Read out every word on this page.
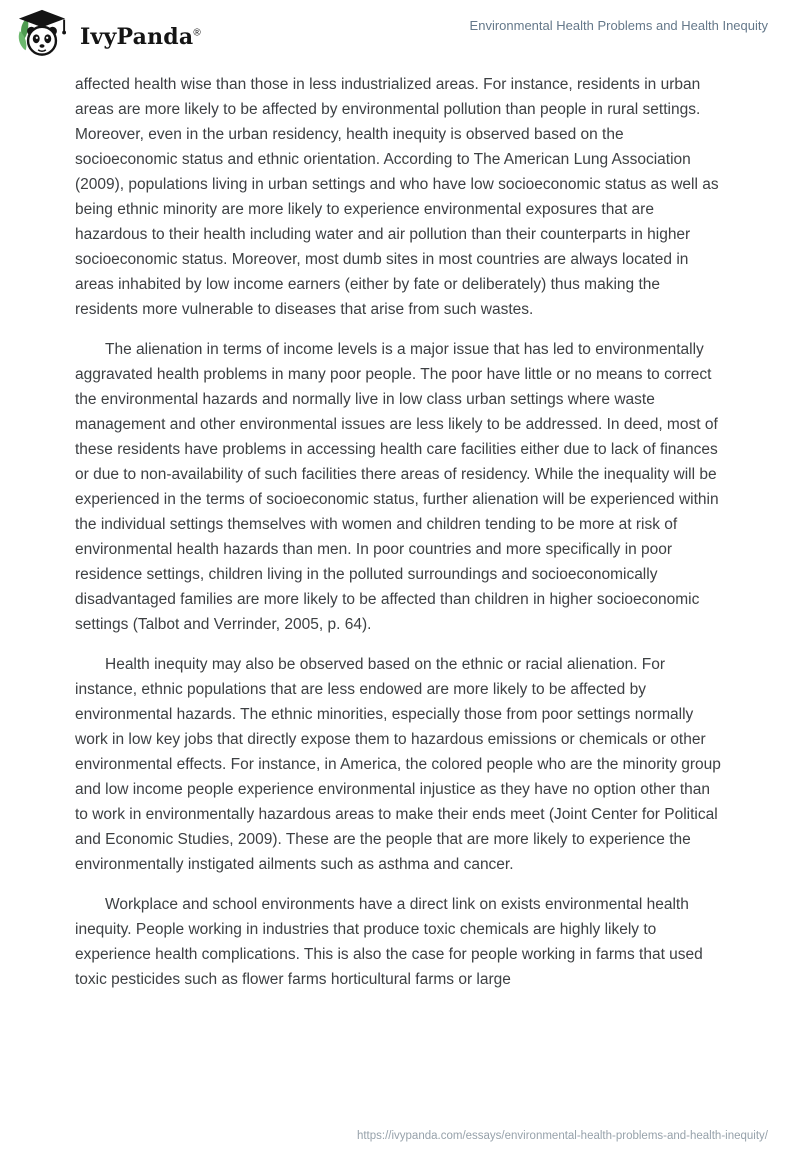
IvyPanda®
Environmental Health Problems and Health Inequity

affected health wise than those in less industrialized areas. For instance, residents in urban areas are more likely to be affected by environmental pollution than people in rural settings. Moreover, even in the urban residency, health inequity is observed based on the socioeconomic status and ethnic orientation. According to The American Lung Association (2009), populations living in urban settings and who have low socioeconomic status as well as being ethnic minority are more likely to experience environmental exposures that are hazardous to their health including water and air pollution than their counterparts in higher socioeconomic status. Moreover, most dumb sites in most countries are always located in areas inhabited by low income earners (either by fate or deliberately) thus making the residents more vulnerable to diseases that arise from such wastes.

The alienation in terms of income levels is a major issue that has led to environmentally aggravated health problems in many poor people. The poor have little or no means to correct the environmental hazards and normally live in low class urban settings where waste management and other environmental issues are less likely to be addressed. In deed, most of these residents have problems in accessing health care facilities either due to lack of finances or due to non-availability of such facilities there areas of residency. While the inequality will be experienced in the terms of socioeconomic status, further alienation will be experienced within the individual settings themselves with women and children tending to be more at risk of environmental health hazards than men. In poor countries and more specifically in poor residence settings, children living in the polluted surroundings and socioeconomically disadvantaged families are more likely to be affected than children in higher socioeconomic settings (Talbot and Verrinder, 2005, p. 64).

Health inequity may also be observed based on the ethnic or racial alienation. For instance, ethnic populations that are less endowed are more likely to be affected by environmental hazards. The ethnic minorities, especially those from poor settings normally work in low key jobs that directly expose them to hazardous emissions or chemicals or other environmental effects. For instance, in America, the colored people who are the minority group and low income people experience environmental injustice as they have no option other than to work in environmentally hazardous areas to make their ends meet (Joint Center for Political and Economic Studies, 2009). These are the people that are more likely to experience the environmentally instigated ailments such as asthma and cancer.

Workplace and school environments have a direct link on exists environmental health inequity. People working in industries that produce toxic chemicals are highly likely to experience health complications. This is also the case for people working in farms that used toxic pesticides such as flower farms horticultural farms or large

https://ivypanda.com/essays/environmental-health-problems-and-health-inequity/
